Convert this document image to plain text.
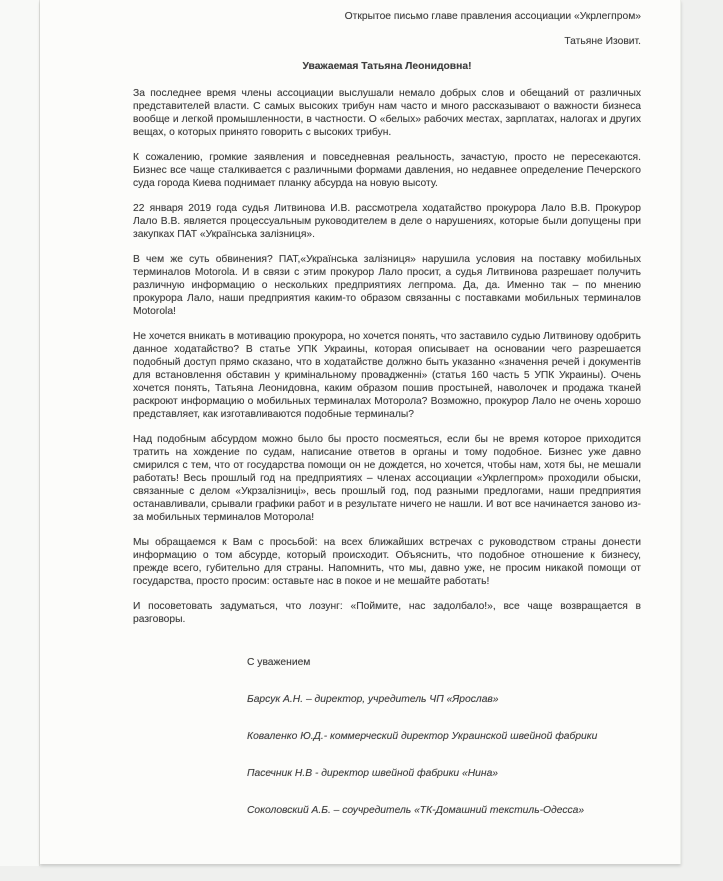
Открытое письмо главе правления ассоциации «Укрлегпром»
Татьяне Изовит.
Уважаемая Татьяна Леонидовна!

За последнее время члены ассоциации выслушали немало добрых слов и обещаний от различных представителей власти. С самых высоких трибун нам часто и много рассказывают о важности бизнеса вообще и легкой промышленности, в частности. О «белых» рабочих местах, зарплатах, налогах и других вещах, о которых принято говорить с высоких трибун.

К сожалению, громкие заявления и повседневная реальность, зачастую, просто не пересекаются. Бизнес все чаще сталкивается с различными формами давления, но недавнее определение Печерского суда города Киева поднимает планку абсурда на новую высоту.

22 января 2019 года судья Литвинова И.В. рассмотрела ходатайство прокурора Лало В.В. Прокурор Лало В.В. является процессуальным руководителем в деле о нарушениях, которые были допущены при закупках ПАТ «Українська залізниця».

В чем же суть обвинения? ПАТ,«Українська залізниця» нарушила условия на поставку мобильных терминалов Motorola. И в связи с этим прокурор Лало просит, а судья Литвинова разрешает получить различную информацию о нескольких предприятиях легпрома. Да, да. Именно так – по мнению прокурора Лало, наши предприятия каким-то образом связанны с поставками мобильных терминалов Motorola!

Не хочется вникать в мотивацию прокурора, но хочется понять, что заставило судью Литвинову одобрить данное ходатайство? В статье УПК Украины, которая описывает на основании чего разрешается подобный доступ прямо сказано, что в ходатайстве должно быть указанно «значення речей і документів для встановлення обставин у кримінальному провадженні» (статья 160 часть 5 УПК Украины). Очень хочется понять, Татьяна Леонидовна, каким образом пошив простыней, наволочек и продажа тканей раскроют информацию о мобильных терминалах Моторола? Возможно, прокурор Лало не очень хорошо представляет, как изготавливаются подобные терминалы?

Над подобным абсурдом можно было бы просто посмеяться, если бы не время которое приходится тратить на хождение по судам, написание ответов в органы и тому подобное. Бизнес уже давно смирился с тем, что от государства помощи он не дождется, но хочется, чтобы нам, хотя бы, не мешали работать! Весь прошлый год на предприятиях – членах ассоциации «Укрлегпром» проходили обыски, связанные с делом «Укрзалізниці», весь прошлый год, под разными предлогами, наши предприятия останавливали, срывали графики работ и в результате ничего не нашли. И вот все начинается заново из-за мобильных терминалов Моторола!

Мы обращаемся к Вам с просьбой: на всех ближайших встречах с руководством страны донести информацию о том абсурде, который происходит. Объяснить, что подобное отношение к бизнесу, прежде всего, губительно для страны. Напомнить, что мы, давно уже, не просим никакой помощи от государства, просто просим: оставьте нас в покое и не мешайте работать!

И посоветовать задуматься, что лозунг: «Поймите, нас задолбало!», все чаще возвращается в разговоры.

С уважением
Барсук А.Н. – директор, учредитель ЧП «Ярослав»
Коваленко Ю.Д.- коммерческий директор Украинской швейной фабрики
Пасечник Н.В - директор швейной фабрики «Нина»
Соколовский А.Б. – соучредитель «ТК-Домашний текстиль-Одесса»
